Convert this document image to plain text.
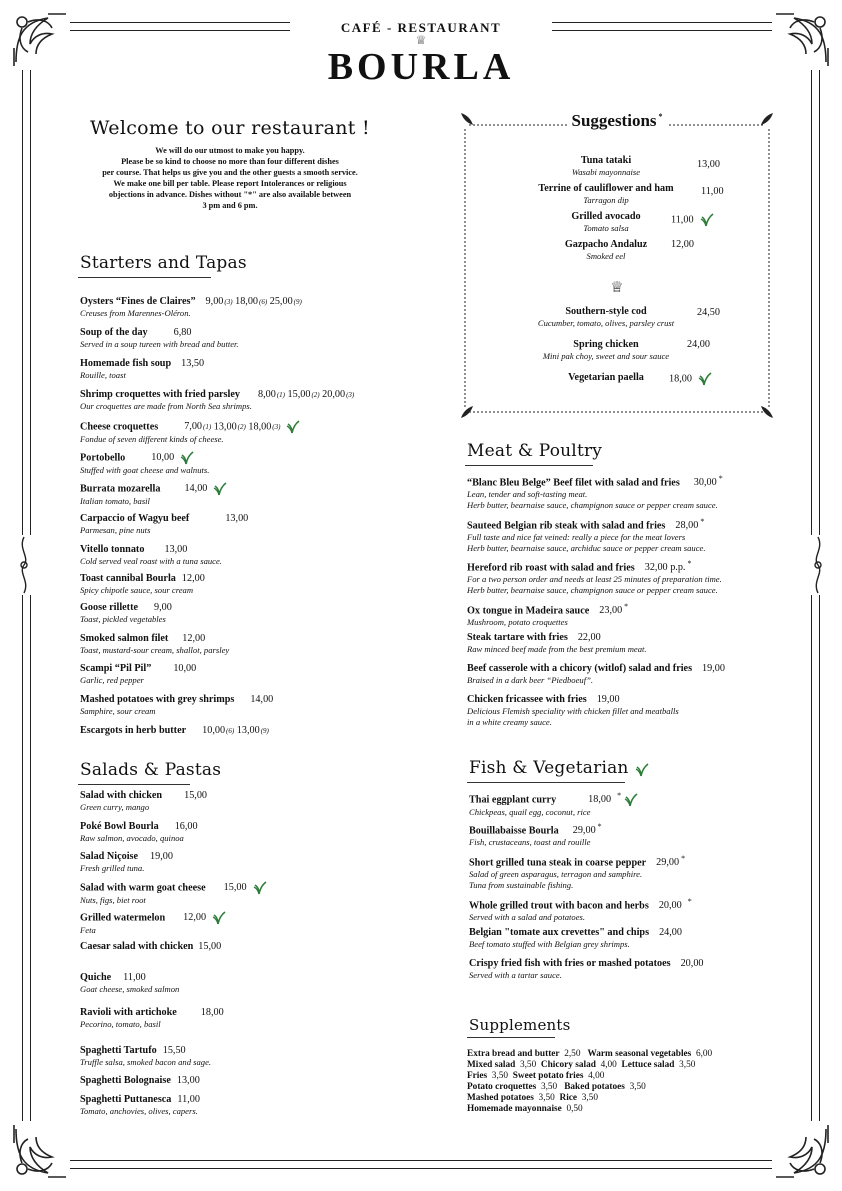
CAFÉ - RESTAURANT
♕
BOURLA
Welcome to our restaurant !

We will do our utmost to make you happy.
Please be so kind to choose no more than four different dishes
per course. That helps us give you and the other guests a smooth service.
We make one bill per table. Please report Intolerances or religious
objections in advance. Dishes without "*" are also available between
3 pm and 6 pm.

Starters and Tapas
Oysters “Fines de Claires” 9,00(3) 18,00(6) 25,00(9)
Creuses from Marennes-Oléron.
Soup of the day	6,80
Served in a soup tureen with bread and butter.
Homemade fish soup 13,50
Rouille, toast
Shrimp croquettes with fried parsley 8,00(1) 15,00(2) 20,00(3)
Our croquettes are made from North Sea shrimps.
Cheese croquettes	7,00(1) 13,00(2) 18,00(3)
Fondue of seven different kinds of cheese.
Portobello	10,00
Stuffed with goat cheese and walnuts.
Burrata mozarella 14,00
Italian tomato, basil
Carpaccio of Wagyu beef	13,00
Parmesan, pine nuts
Vitello tonnato 13,00
Cold served veal roast with a tuna sauce.
Toast cannibal Bourla 12,00
Spicy chipotle sauce, sour cream
Goose rillette 9,00
Toast, pickled vegetables
Smoked salmon filet 12,00
Toast, mustard-sour cream, shallot, parsley
Scampi “Pil Pil” 10,00
Garlic, red pepper
Mashed potatoes with grey shrimps 14,00
Samphire, sour cream
Escargots in herb butter 10,00(6) 13,00(9)
Salads & Pastas
Salad with chicken 15,00
Green curry, mango
Poké Bowl Bourla 16,00
Raw salmon, avocado, quinoa
Salad Niçoise 19,00
Fresh grilled tuna.
Salad with warm goat cheese 15,00
Nuts, figs, biet root
Grilled watermelon 12,00
Feta
Caesar salad with chicken 15,00
Quiche 11,00
Goat cheese, smoked salmon
Ravioli with artichoke 18,00
Pecorino, tomato, basil
Spaghetti Tartufo 15,50
Truffle salsa, smoked bacon and sage.
Spaghetti Bolognaise 13,00
Spaghetti Puttanesca 11,00
Tomato, anchovies, olives, capers.
Suggestions *
Tuna tataki
Wasabi mayonnaise
13,00
Terrine of cauliflower and ham
Tarragon dip
11,00
Grilled avocado
Tomato salsa
11,00
Gazpacho Andaluz
Smoked eel
12,00
♕
Southern-style cod
Cucumber, tomato, olives, parsley crust
24,50
Spring chicken
Mini pak choy, sweet and sour sauce
24,00
Vegetarian paella	18,00
Meat & Poultry
“Blanc Bleu Belge” Beef filet with salad and fries 30,00 *
Lean, tender and soft-tasting meat.
Herb butter, bearnaise sauce, champignon sauce or pepper cream sauce.
Sauteed Belgian rib steak with salad and fries 28,00 *
Full taste and nice fat veined: really a piece for the meat lovers
Herb butter, bearnaise sauce, archiduc sauce or pepper cream sauce.
Hereford rib roast with salad and fries 32,00 p.p. *
For a two person order and needs at least 25 minutes of preparation time.
Herb butter, bearnaise sauce, champignon sauce or pepper cream sauce.
Ox tongue in Madeira sauce 23,00 *
Mushroom, potato croquettes
Steak tartare with fries 22,00
Raw minced beef made from the best premium meat.
Beef casserole with a chicory (witlof) salad and fries 19,00
Braised in a dark beer “Piedboeuf”.
Chicken fricassee with fries 19,00
Delicious Flemish speciality with chicken fillet and meatballs
in a white creamy sauce.
Fish & Vegetarian
Thai eggplant curry	18,00 *
Chickpeas, quail egg, coconut, rice
Bouillabaisse Bourla 29,00 *
Fish, crustaceans, toast and rouille
Short grilled tuna steak in coarse pepper 29,00 *
Salad of green asparagus, terragon and samphire.
Tuna from sustainable fishing.
Whole grilled trout with bacon and herbs 20,00 *
Served with a salad and potatoes.
Belgian "tomate aux crevettes" and chips 24,00
Beef tomato stuffed with Belgian grey shrimps.
Crispy fried fish with fries or mashed potatoes 20,00
Served with a tartar sauce.
Supplements
Extra bread and butter 2,50 Warm seasonal vegetables 6,00
Mixed salad 3,50 Chicory salad 4,00 Lettuce salad 3,50
Fries 3,50 Sweet potato fries 4,00
Potato croquettes 3,50 Baked potatoes 3,50
Mashed potatoes 3,50 Rice 3,50
Homemade mayonnaise 0,50
